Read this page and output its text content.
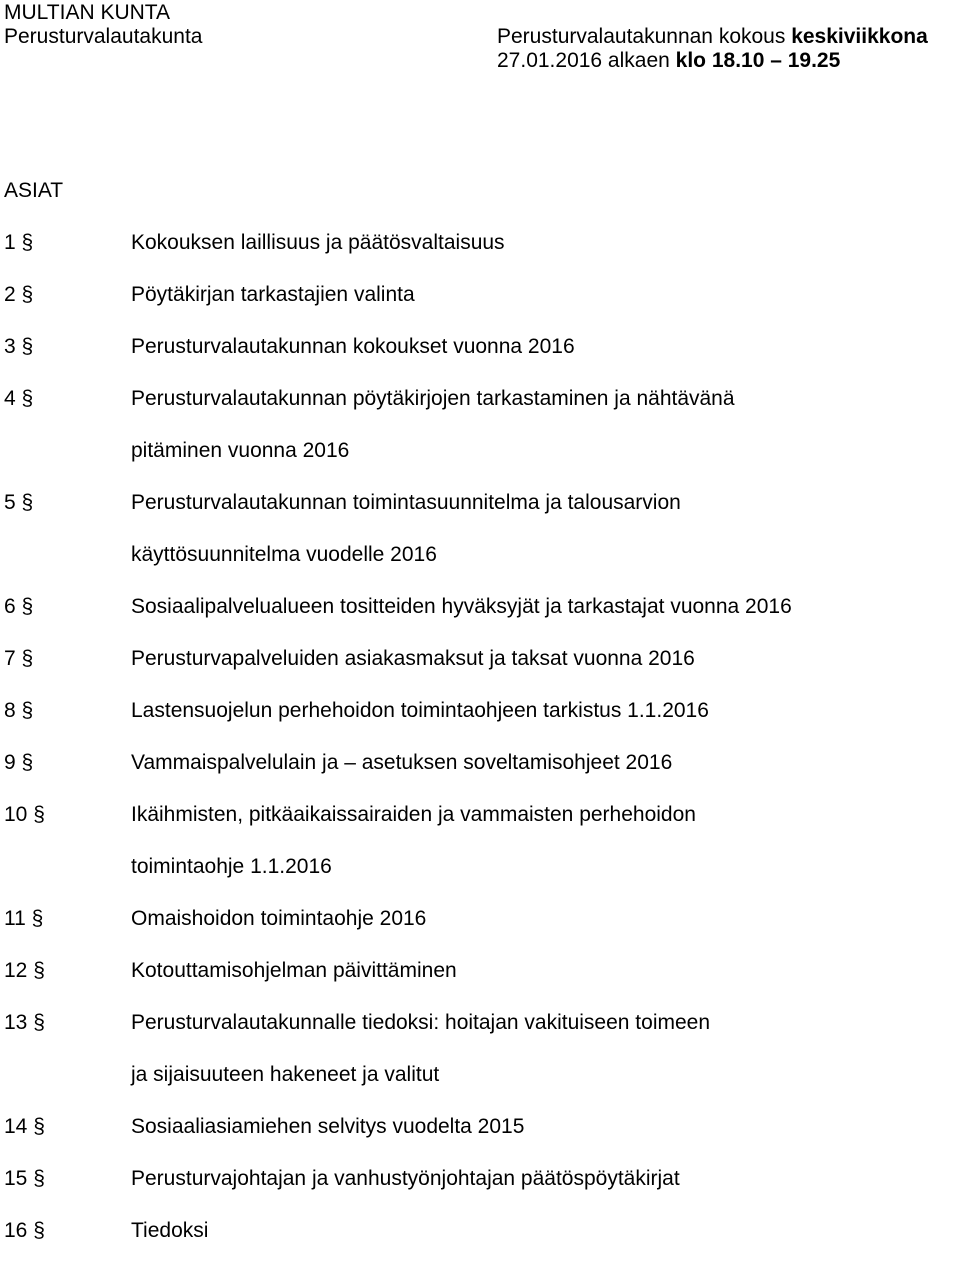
MULTIAN KUNTA
Perusturvalautakunta	Perusturvalautakunnan kokous keskiviikkona
27.01.2016 alkaen klo 18.10 – 19.25
ASIAT
1 §	Kokouksen laillisuus ja päätösvaltaisuus
2 §	Pöytäkirjan tarkastajien valinta
3 §	Perusturvalautakunnan kokoukset vuonna 2016
4 §	Perusturvalautakunnan pöytäkirjojen tarkastaminen ja nähtävänä
pitäminen vuonna 2016
5 §	Perusturvalautakunnan toimintasuunnitelma ja talousarvion
käyttösuunnitelma vuodelle 2016
6 §	Sosiaalipalvelualueen tositteiden hyväksyjät ja tarkastajat vuonna 2016
7 §	Perusturvapalveluiden asiakasmaksut ja taksat vuonna 2016
8 §	Lastensuojelun perhehoidon toimintaohjeen tarkistus 1.1.2016
9 §	Vammaispalvelulain ja – asetuksen soveltamisohjeet 2016
10 §	Ikäihmisten, pitkäaikaissairaiden ja vammaisten perhehoidon
toimintaohje 1.1.2016
11 §	Omaishoidon toimintaohje 2016
12 §	Kotouttamisohjelman päivittäminen
13 §	Perusturvalautakunnalle tiedoksi: hoitajan vakituiseen toimeen
ja sijaisuuteen hakeneet ja valitut
14 §	Sosiaaliasiamiehen selvitys vuodelta 2015
15 §	Perusturvajohtajan ja vanhustyönjohtajan päätöspöytäkirjat
16 §	Tiedoksi
